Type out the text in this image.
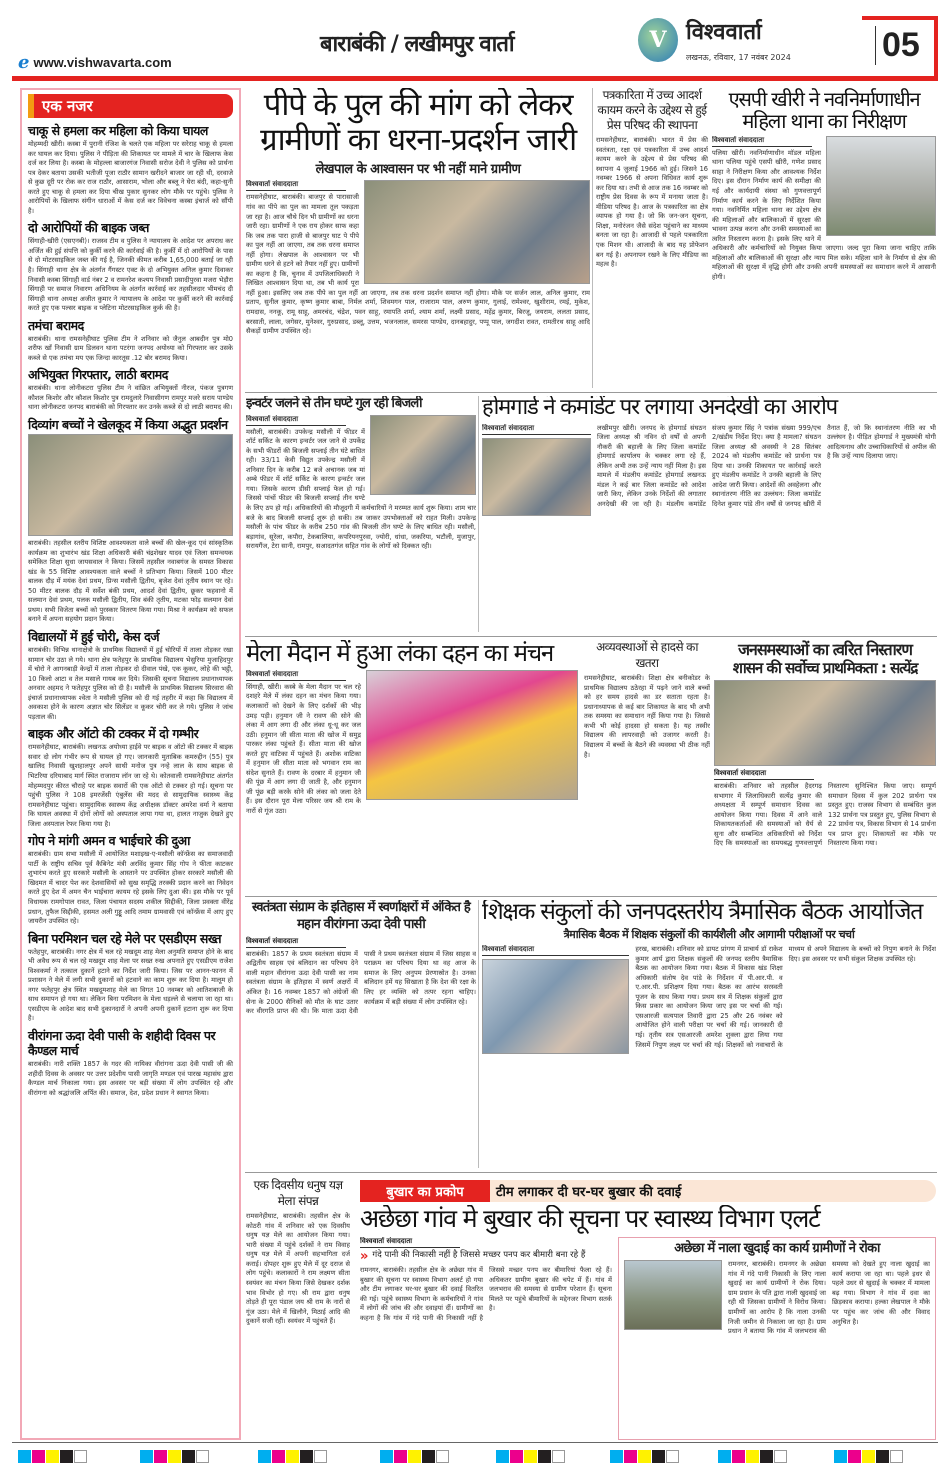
e www.vishwavarta.com
बाराबंकी / लखीमपुर वार्ता	V विश्ववार्ता
लखनऊ, रविवार, 17 नवंबर 2024	05
एक नजर
चाकू से हमला कर महिला को किया घायल
मोहम्मदी खीरी। कस्बा में पुरानी रंजिश के चलते एक महिला पर सरेराह चाकू से हमला कर घायल कर दिया। पुलिस ने पीड़िता की शिकायत पर मामले में चार के खिलाफ केस दर्ज कर लिया है। कस्बा के मोहल्ला बाजारगंज निवासी सरोज देवी ने पुलिस को प्रार्थना पत्र देकर बताया उसकी भतीजी पूजा राठौर सामान खरीदने बाजार जा रही थी, दरवाजे से कुछ दूरी पर रोक कर राज राठौर, आसाराम, भोला और बब्लू ने घेरा बंदी, कहा-सुनी करते हुए चाकू से हमला कर दिया चीख पुकार सुनकर लोग मौके पर पहुंचे। पुलिस ने आरोपियों के खिलाफ संगीन धाराओं में केस दर्ज कर विवेचना कस्बा इंचार्ज को सौंपी है।
दो आरोपियों की बाइक जब्त
सिंगाही-खीरी (एसएनबी)। राजस्व टीम व पुलिस ने न्यायालय के आदेश पर अपराध कर अर्जित की हुई संपत्ति को कुर्की करने की कार्रवाई की है। कुर्की में दो आरोपियों के पास से दो मोटरसाइकिल जब्त की गई है, जिनकी कीमत करीब 1,65,000 बताई जा रही है। सिंगाही थाना क्षेत्र के अंतर्गत गैंगस्टर एक्ट के दो अभियुक्त अनिल कुमार दिवाकर निवासी कस्बा सिंगाही वार्ड नंबर 2 व रामनरेश कश्यप निवासी प्रसादीपुरवा मजरा भेड़ौरा सिंगाही पर समाज निवारण अधिनियम के अंतर्गत कार्रवाई कर तहसीलदार भीमचंद दी सिंगाही थाना अध्यक्ष अजीत कुमार ने न्यायालय के आदेश पर कुर्की करने की कार्रवाई करते हुए एक पल्सर बाइक व प्लेटिना मोटरसाइकिल कुर्क की है।
तमंचा बरामद
बाराबंकी। थाना रामसनेहीघाट पुलिस टीम ने शनिवार को जैनुल आबदीन पुत्र मो0 शरीफ खाँ निवासी ग्राम डिलवन थाना पटरंगा जनपद अयोध्या को गिरफ्तार कर उसके कब्जे से एक तमंचा मय एक जिन्दा कारतूस .12 बोर बरामद किया।
अभियुक्त गिरफ्तार, लाठी बरामद
बाराबंकी। थाना लोनीकटरा पुलिस टीम ने वांछित अभियुक्तों नीरज, पंकज पुत्रगण कौशल किशोर और कौशल किशोर पुत्र रामदुलारे निवासीगण रामपुर मजरे सराय पाण्डेय थाना लोनीकटरा जनपद बाराबंकी को गिरफ्तार कर उनके कब्जे से दो लाठी बरामद की।
दिव्यांग बच्चों ने खेलकूद में किया अद्भुत प्रदर्शन
बाराबंकी। तहसील स्तरीय विशिष्ट आवश्यकता वाले बच्चों की खेल-कूद एवं सांस्कृतिक कार्यक्रम का शुभारंभ खंड शिक्षा अधिकारी बंकी चंद्रशेखर यादव एवं जिला समन्वयक समेकित शिक्षा सुधा जायसवाल ने किया। जिसमें तहसील नवाबगंज के समस्त विकास खंड के 55 विशिष्ट आवश्यकता वाले बच्चों ने प्रतिभाग किया। जिसमें 100 मीटर बालक दौड़ में मयंक देवां प्रथम, प्रिन्स मसौली द्वितीय, बृजेश देवां तृतीय स्थान पर रहे। 50 मीटर बालक दौड़ में सर्वेश बंकी प्रथम, आदर्श देवां द्वितीय, छूकर फहवानो में सलमान देवां प्रथम, पलक मसौली द्वितीय, शिव बंकी तृतीय, मटका फोड़ सलमान देवां प्रथम। सभी विजेता बच्चों को पुरस्कार वितरण किया गया। मिश्रा ने कार्यक्रम को सफल बनाने में अपना सहयोग प्रदान किया।
विद्यालयों में हुई चोरी, केस दर्ज
बाराबंकी। विभिन्न थानाक्षेत्रो के प्राथमिक विद्यालयों में हुई चोरियों में ताला तोड़कर रखा सामान चोर उठा ले गये। थाना क्षेत्र फतेहपुर के प्राथमिक विद्यालय भेसुरिया मुजाहिदपुर में चोरो ने आगनबाड़ी केन्द्रों में ताला तोड़कर दो दीवाल पंखे, एक कूकर, लोहे की भट्ठी, 10 किलो आटा व तेल मसाले गायब कर दिये। जिसकी सूचना विद्यालय प्रधानाध्यापक अनवार अहमद ने फतेहपुर पुलिस को दी है। मसौली के प्राथमिक विद्यालय सिरवारा की इंचार्ज प्रधानाध्यापक श्वेता ने मसौली पुलिस को दी गई तहरीर में कहा कि विद्यालय में अवकाश होने के कारण अज्ञात चोर सिलेंडर व कूकर चोरी कर ले गये। पुलिस ने जांच पड़ताल की।
बाइक और ऑटो की टक्कर में दो गम्भीर
रामसनेहीघाट, बाराबंकी। लखनऊ अयोध्या हाईवे पर बाइक व ऑटो की टक्कर में बाइक सवार दो लोग गंभीर रूप से घायल हो गए। जानकारी मुताबिक कमरुद्दीन (55) पुत्र खालिद निवासी खुशहालपुर अपने साथी मनोज पुत्र नन्हे लाल के साथ बाइक से भिटरिया दरियाबाद मार्ग स्थित राजाराम लॉन जा रहे थे। कोतवाली रामसनेहीघाट अंतर्गत मोहम्मदपुर कीरत चौराहे पर बाइक सवारों की एक ऑटो से टक्कर हो गई। सूचना पर पहुंची पुलिस ने 108 इमरजेंसी एंबुलेंस की मदद से सामुदायिक स्वास्थ्य केंद्र रामसनेहीघाट पहुंचा। सामुदायिक स्वास्थ्य केंद्र अधीक्षक डॉक्टर अमरेश वर्मा ने बताया कि घायल अवस्था में दोनों लोगों को अस्पताल लाया गया था, हालत नाजुक देखते हुए जिला अस्पताल रेफर किया गया है।
गोप ने मांगी अमन व भाईचारे की दुआ
बाराबंकी। ग्राम सभा मसौली में आयोजित मशाइख-ए-मसौली कॉन्फ्रेंस का समाजवादी पार्टी के राष्ट्रीय सचिव पूर्व कैबिनेट मंत्री अरविंद कुमार सिंह गोप ने फीता काटकर शुभारंभ करते हुए सरकारे मसौली के आस्ताने पर उपस्थित होकर सरकारे मसौली की खिदमत में चादर पेश कर देशवासियों को सुख समृद्धि तरक्की प्रदान करने का निवेदन करते हुए देश में अमन चैन भाईचारा कायम रहे इसके लिए दुआ की। इस मौके पर पूर्व विधायक रामगोपाल रावत, जिला पंचायत सदस्य शकील सिद्दीकी, जिला प्रवक्ता वीरेंद्र प्रधान, तुफैल सिद्दीकी, हसमत अली गुड्डू आदि तमाम ग्रामवासी एवं कॉन्फ्रेंस में आए हुए जायरीन उपस्थित रहे।
बिना परमिशन चल रहे मेले पर एसडीएम सख्त
फतेहपुर, बाराबंकी। नगर क्षेत्र में चल रहे मखदूम शाह मेला अनुमति समाप्त होने के बाद भी अवैध रूप से चल रहे मखदूम शाह मेला पर सख्त रुख अपनाते हुए एसडीएम राजेश विश्वकर्मा ने तत्काल दुकानें हटाने का निर्देश जारी किया। जिस पर आनन-फानन में प्रशासन ने मेले में लगी सभी दुकानों को हटवाने का काम शुरू कर दिया है। मालूम हो नगर फतेहपुर क्षेत्र स्थित मखदूमशाह मेले का विगत 10 नवम्बर को आतिशबाजी के साथ समापन हो गया था। लेकिन बिना परमिशन के मेला धड़ल्ले से चलाया जा रहा था। एसडीएम के आदेश बाद सभी दुकानदारों ने अपनी अपनी दुकानें हटाना शुरू कर दिया है।
वीरांगना ऊदा देवी पासी के शहीदी दिवस पर कैण्डल मार्च
बाराबंकी। नारी शक्ति 1857 के गदर की नायिका वीरांगना ऊदा देवी पासी जी की शहीदी दिवस के अवसर पर उत्तर प्रदेशीय पासी जागृति मण्डल एवं पारख महासंघ द्वारा कैण्डल मार्च निकाला गया। इस अवसर पर बड़ी संख्या में लोग उपस्थित रहे और वीरांगना को श्रद्धांजलि अर्पित की। समाज, देश, प्रदेश प्रधान ने स्वागत किया।
पीपे के पुल की मांग को लेकर
ग्रामीणों का धरना-प्रदर्शन जारी
लेखपाल के आश्वासन पर भी नहीं माने ग्रामीण
विश्ववार्ता संवाददाता
रामसनेहीघाट, बाराबंकी। बाजपुर से पारासाजी गांव का पीपे का पुल का मामला तूल पकड़ता जा रहा है। आज चौथे दिन भी ग्रामीणों का धरना जारी रहा। ग्रामीणों ने एक राय होकर साफ कहा कि जब तक पारा हाजी से बाजपुर घाट पे पीपे का पुल नहीं आ जाएगा, तब तक धरना समाप्त नहीं होगा। लेखपाल के आश्वासन पर भी ग्रामीण धरने से हटने को तैयार नहीं हुए। ग्रामीणों का कहना है कि, चुनाव में उपजिलाधिकारी ने लिखित आश्वासन दिया था, तब भी कार्य पूरा नहीं हुआ। इसलिए जब तक पीपे का पुल नहीं आ जाएगा, तब तक धरना प्रदर्शन समाप्त नहीं होगा। मौके पर सर्जन लाल, अनिल कुमार, राम प्रताप, सुनील कुमार, कृष्ण कुमार बाबा, निर्मल शर्मा, शिवमगन पाल, राजाराम पाल, अरुण कुमार, गुलाई, रामेश्वर, खुशीराम, रमई, मुकेश, रामदास, ननकू, रामू साहू, अमरचंद, चंद्रेश, पवन साहू, रमापति शर्मा, श्याम शर्मा, लक्ष्मी प्रसाद, महेंद्र कुमार, बिरजू, जयराम, ललता प्रसाद, बरसाती, लाला, जगेसर, मुनेश्वर, गुरुप्रसाद, डब्लू, उत्तम, भजनलाल, समरस पाण्डेय, दानबहादुर, पप्पू पाल, जगदीश रावत, रामतीरथ साहू आदि सैकड़ों ग्रामीण उपस्थित रहे।
पत्रकारिता में उच्च आदर्श कायम करने के उद्देश्य से हुई प्रेस परिषद की स्थापना
रामसनेहीघाट, बाराबंकी। भारत में प्रेस की स्वतंत्रता, रक्षा एवं पत्रकारिता में उच्च आदर्श कायम करने के उद्देश्य से प्रेस परिषद की स्थापना 4 जुलाई 1966 को हुई। जिसने 16 नवम्बर 1966 से अपना विधिवत कार्य शुरू कर दिया था। तभी से आज तक 16 नवम्बर को राष्ट्रीय प्रेस दिवस के रूप में मनाया जाता है। मीडिया परिषद है। आज के पत्रकारिता का क्षेत्र व्यापक हो गया है। जो कि जन-जन सूचना, शिक्षा, मनोरंजन जैसे संदेश पहुंचाने का माध्यम बनता जा रहा है। आजादी से पहले पत्रकारिता एक मिशन थी। आजादी के बाद यह प्रोफेशन बन गई है। अपनापन रखने के लिए मीडिया का महत्व है।
एसपी खीरी ने नवनिर्माणाधीन महिला थाना का निरीक्षण
विश्ववार्ता संवाददाता
पलिया खीरी। नवनिर्माणाधीन मॉडल महिला थाना पलिया पहुंचे एसपी खीरी, गणेश प्रसाद साहा ने निरीक्षण किया और आवश्यक निर्देश दिए। इस दौरान निर्माण कार्य की समीक्षा की गई और कार्यदायी संस्था को गुणवत्तापूर्ण निर्माण कार्य करने के लिए निर्देशित किया गया। नवनिर्मित महिला थाना का उद्देश्य क्षेत्र की महिलाओं और बालिकाओं में सुरक्षा की भावना उत्पन्न करना और उनकी समस्याओं का त्वरित निस्तारण करना है। इसके लिए थाने में अधिकारी और कर्मचारियों को नियुक्त किया जाएगा। जल्द पूरा किया जाना चाहिए ताकि महिलाओं और बालिकाओं की सुरक्षा और न्याय मिल सके। महिला थाने के निर्माण से क्षेत्र की महिलाओं की सुरक्षा में वृद्धि होगी और उनकी अपनी समस्याओं का समाधान करने में आसानी होगी।
इन्वर्टर जलने से तीन घण्टे गुल रही बिजली
विश्ववार्ता संवाददाता
मसौली, बाराबंकी। उपकेन्द्र मसौली में फीडर में शॉर्ट सर्किट के कारण इन्वर्टर जल जाने से उपकेंद्र के सभी फीडरों की बिजली सप्लाई तीन घंटे बाधित रही। 33/11 केवी विद्युत उपकेन्द्र मसौली में शनिवार दिन के करीब 12 बजे अचानक जब मां अम्बे फीडर में शॉर्ट सर्किट के कारण इन्वर्टर जल गया। जिसके कारण डीसी सप्लाई फेल हो गई। जिससे पांचों फीडर की बिजली सप्लाई तीन घण्टे के लिए ठप हो गई। अधिकारियों की मौजूदगी में कर्मचारियों ने मरम्मत कार्य शुरू किया। शाम चार बजे के बाद बिजली सप्लाई शुरू हो सकी। तब जाकर उपभोक्ताओं को राहत मिली। उपकेन्द्र मसौली के पांच फीडर के करीब 250 गांव की बिजली तीन घण्टे के लिए बाधित रही। मसौली, बड़ागांव, सूरेला, कपौरा, टेकबालिया, कपरियनपुरवा, ज्योरी, धांधा, जकरिया, भटौली, मुजापुर, सरायगैंज, टेरा सानी, रामपुर, सआदतगंज सहित गांव के लोगों को दिक्कत रही।
होमगार्ड ने कमांडेंट पर लगाया अनदेखी का आरोप
विश्ववार्ता संवाददाता	लखीमपुर खीरी। जनपद के होमगार्ड संघठन जिला अध्यक्ष श्री नविन दो वर्षों से अपनी नौकरी की बहाली के लिए जिला कमांडेंट होमगार्ड कार्यालय के चक्कर लगा रहे हैं, लेकिन अभी तक उन्हें न्याय नहीं मिला है। इस मामले में मंडलीय कमांडेंट होमगार्ड लखनऊ मंडल ने कई बार जिला कमांडेंट को आदेश जारी किए, लेकिन उनके निर्देशों की लगातार अनदेखी की जा रही है। मंडलीय कमांडेंट संजय कुमार सिंह ने पत्रांक संख्या 999/एच 2/खंडीय निर्देश दिए। क्या है मामला? संघठन जिला अध्यक्ष श्री अवस्थी ने 28 सितंबर 2024 को मंडलीय कमांडेंट को प्रार्थना पत्र दिया था। उनकी शिकायत पर कार्रवाई करते हुए मंडलीय कमांडेंट ने उनकी बहाली के लिए आदेश जारी किया। आदेशों की अवहेलना और स्थानांतरण नीति का उल्लंघन: जिला कमांडेंट दिनेश कुमार पांडे तीन वर्षों से जनपद खीरी में तैनात हैं, जो कि स्थानांतरण नीति का भी उल्लंघन है। पीड़ित होमगार्ड ने मुख्यमंत्री योगी आदित्यनाथ और उच्चाधिकारियों से अपील की है कि उन्हें न्याय दिलाया जाए।
मेला मैदान में हुआ लंका दहन का मंचन
विश्ववार्ता संवाददाता
सिंगाही, खीरी। कस्बे के मेला मैदान पर चल रहे दशहरे मेले में लंका दहन का मंचन किया गया। कलाकारों को देखने के लिए दर्शकों की भीड़ उमड़ पड़ी। हनुमान जी ने रावण की सोने की लंका में आग लगा दी और लंका धू-धू कर जल उठी। हनुमान जी सीता माता की खोज में समुद्र पारकर लंका पहुंचते हैं। सीता माता की खोज करते हुए वाटिका में पहुंचते हैं। अशोक वाटिका में हनुमान जी सीता माता को भगवान राम का संदेश सुनाते हैं। रावण के दरबार में हनुमान जी की पूंछ में आग लगा दी जाती है, और हनुमान जी पूंछ बड़ी करके सोने की लंका को जला देते हैं। इस दौरान पूरा मेला परिसर जय श्री राम के नारों से गूंज उठा।
अव्यवस्थाओं से हादसे का खतरा
रामसनेहीघाट, बाराबंकी। शिक्षा क्षेत्र बनीकोडर के प्राथमिक विद्यालय ठठेरहा में पढ़ने जाने वाले बच्चों को हर समय हादसे का डर सताता रहता है। प्रधानाध्यापक से कई बार शिकायत के बाद भी अभी तक समस्या का समाधान नहीं किया गया है। जिससे कभी भी कोई हादसा हो सकता है। यह तस्वीर विद्यालय की लापरवाही को उजागर करती है। विद्यालय में बच्चों के बैठने की व्यवस्था भी ठीक नहीं है।
जनसमस्याओं का त्वरित निस्तारण
शासन की सर्वोच्च प्राथमिकता : सत्येंद्र
विश्ववार्ता संवाददाता
बाराबंकी। शनिवार को तहसील हैदरगढ़ सभागार में जिलाधिकारी सत्येंद्र कुमार की अध्यक्षता में सम्पूर्ण समाधान दिवस का आयोजन किया गया। दिवस में आने वाले शिकायतकर्ताओं की समस्याओं को धैर्य से सुना और सम्बन्धित अधिकारियों को निर्देश दिए कि समस्याओं का समयबद्ध गुणवत्तापूर्ण निस्तारण सुनिश्चित किया जाए। सम्पूर्ण समाधान दिवस में कुल 202 प्रार्थना पत्र प्रस्तुत हुए। राजस्व विभाग से सम्बंधित कुल 132 प्रार्थना पत्र प्रस्तुत हुए, पुलिस विभाग से 22 प्रार्थना पत्र, विकास विभाग से 14 प्रार्थना पत्र प्राप्त हुए। शिकायतों का मौके पर निस्तारण किया गया।
स्वतंत्रता संग्राम के इतिहास में स्वर्णाक्षरों में अंकित है महान वीरांगना ऊदा देवी पासी
विश्ववार्ता संवाददाता
बाराबंकी। 1857 के प्रथम स्वतंत्रता संग्राम में अद्वितीय साहस एवं बलिदान का परिचय देने वाली महान वीरांगना ऊदा देवी पासी का नाम स्वतंत्रता संग्राम के इतिहास में स्वर्ण अक्षरों में अंकित है। 16 नवम्बर 1857 को अंग्रेजों की सेना के 2000 सैनिकों को मौत के घाट उतार कर वीरगति प्राप्त की थी। कि माता ऊदा देवी पासी ने प्रथम स्वतंत्रता संग्राम में जिस साहस व पराक्रम का परिचय दिया था वह आज के समाज के लिए अनुपम प्रेरणास्रोत है। उनका बलिदान हमें यह सिखाता है कि देश की रक्षा के लिए हर व्यक्ति को तत्पर रहना चाहिए। कार्यक्रम में बड़ी संख्या में लोग उपस्थित रहे।
शिक्षक संकुलों की जनपदस्तरीय त्रैमासिक बैठक आयोजित
त्रैमासिक बैठक में शिक्षक संकुलों की कार्यशैली और आगामी परीक्षाओं पर चर्चा
विश्ववार्ता संवाददाता	हरख, बाराबंकी। शनिवार को डायट प्रांगण में प्राचार्य डॉ राकेश कुमार आर्य द्वारा शिक्षक संकुलों की जनपद स्तरीय त्रैमासिक बैठक का आयोजन किया गया। बैठक में विकास खंड शिक्षा अधिकारी संतोष देव पांडे के निर्देशन में पी.आर.पी. व ए.आर.पी. प्रशिक्षण दिया गया। बैठक का आरंभ सरस्वती पूजन के साथ किया गया। प्रथम सत्र में शिक्षक संकुलों द्वारा किस प्रकार का आयोजन किया जाए इस पर चर्चा की गई। एसआरजी सत्यपाल तिवारी द्वारा 25 और 26 नवंबर को आयोजित होने वाली परीक्षा पर चर्चा की गई। जानकारी दी गई। तृतीय सत्र एसआरजी अमरेश शुक्ला द्वारा लिया गया जिसमें निपुण लक्ष्य पर चर्चा की गई। शिक्षकों को नवाचारों के माध्यम से अपने विद्यालय के बच्चों को निपुण बनाने के निर्देश दिए। इस अवसर पर सभी संकुल शिक्षक उपस्थित रहे।
एक दिवसीय धनुष यज्ञ मेला संपन्न
रामसनेहीघाट, बाराबंकी। तहसील क्षेत्र के कोठरी गांव में शनिवार को एक दिवसीय धनुष यज्ञ मेले का आयोजन किया गया। भारी संख्या में पहुंचे दर्शकों ने राम विवाह धनुष यज्ञ मेले में अपनी सहभागिता दर्ज कराई। दोपहर शुरू हुए मेले में दूर दराज से लोग पहुंचे। कलाकारों ने राम लक्ष्मण सीता स्वयंवर का मंचन किया जिसे देखकर दर्शक भाव विभोर हो गए। श्री राम द्वारा धनुष तोड़ते ही पूरा पंडाल जय श्री राम के नारों से गूंज उठा। मेले में खिलौने, मिठाई आदि की दुकानें सजी रहीं। स्वयंवर में पहुंचते हैं।
बुखार का प्रकोप	टीम लगाकर दी घर-घर बुखार की दवाई
अछेछा गांव मे बुखार की सूचना पर स्वास्थ्य विभाग एलर्ट
विश्ववार्ता संवाददाता
» गंदे पानी की निकासी नहीं है जिससे मच्छर पनप कर बीमारी बना रहे हैं
रामनगर, बाराबंकी। तहसील क्षेत्र के अछेछा गांव में बुखार की सूचना पर स्वास्थ्य विभाग अलर्ट हो गया और टीम लगाकर घर-घर बुखार की दवाई वितरित की गई। पहुंचे स्वास्थ्य विभाग के कर्मचारियों ने गांव में लोगों की जांच की और दवाइयां दीं। ग्रामीणों का कहना है कि गांव में गंदे पानी की निकासी नहीं है जिससे मच्छर पनप कर बीमारियां फैला रहे हैं। अधिकतर ग्रामीण बुखार की चपेट में हैं। गांव में जलभराव की समस्या से ग्रामीण परेशान हैं। सूचना मिलते पर पहुंचे बीमारियों के मद्देनजर विभाग सतर्क है।
अछेछा में नाला खुदाई का कार्य ग्रामीणों ने रोका
रामनगर, बाराबंकी। रामनगर के अछेछा गांव में गंदे पानी निकासी के लिए नाला खुदाई का कार्य ग्रामीणों ने रोक दिया। ग्राम प्रधान के पति द्वारा नाली खुदवाई जा रही थी जिसका ग्रामीणों ने विरोध किया। ग्रामीणों का आरोप है कि नाला उनकी निजी जमीन से निकाला जा रहा है। ग्राम प्रधान ने बताया कि गांव में जलभराव की समस्या को देखते हुए नाला खुदाई का कार्य कराया जा रहा था। पहले इधर से पहले उधर से खुदाई के चक्कर में मामला बढ़ गया। विभाग ने गांव में दवा का छिड़काव कराया। हल्का लेखपाल ने मौके पर पहुंच कर जांच की और विवाद अनुचित है।
